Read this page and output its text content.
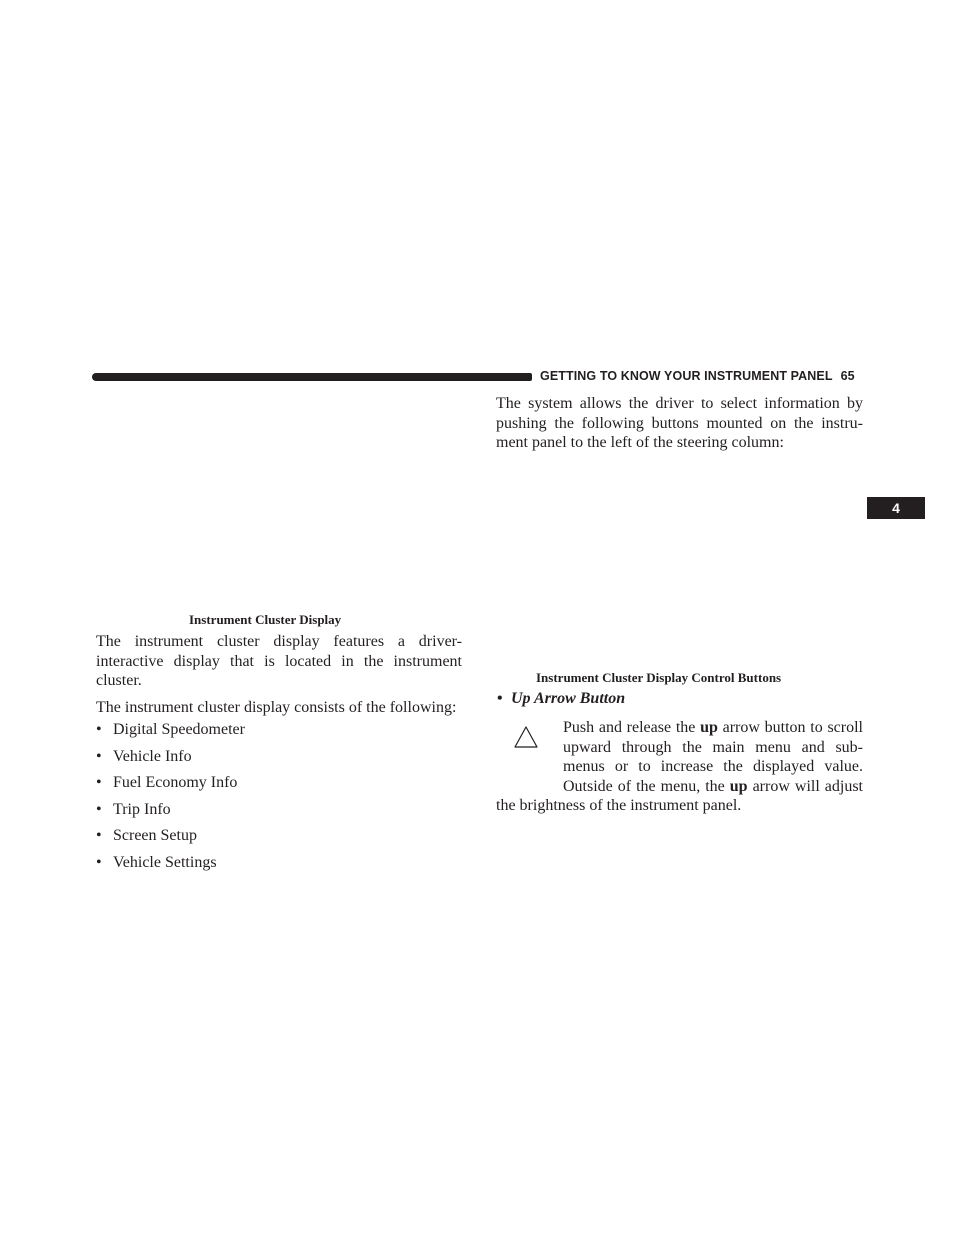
GETTING TO KNOW YOUR INSTRUMENT PANEL 65
4
Instrument Cluster Display
The instrument cluster display features a driver-interactive display that is located in the instrument cluster.
The instrument cluster display consists of the following:
• Digital Speedometer
• Vehicle Info
• Fuel Economy Info
• Trip Info
• Screen Setup
• Vehicle Settings
The system allows the driver to select information by pushing the following buttons mounted on the instru-ment panel to the left of the steering column:
Instrument Cluster Display Control Buttons
• Up Arrow Button
Push and release the up arrow button to scroll
upward through the main menu and sub-
menus or to increase the displayed value.
Outside of the menu, the up arrow will adjust
the brightness of the instrument panel.
